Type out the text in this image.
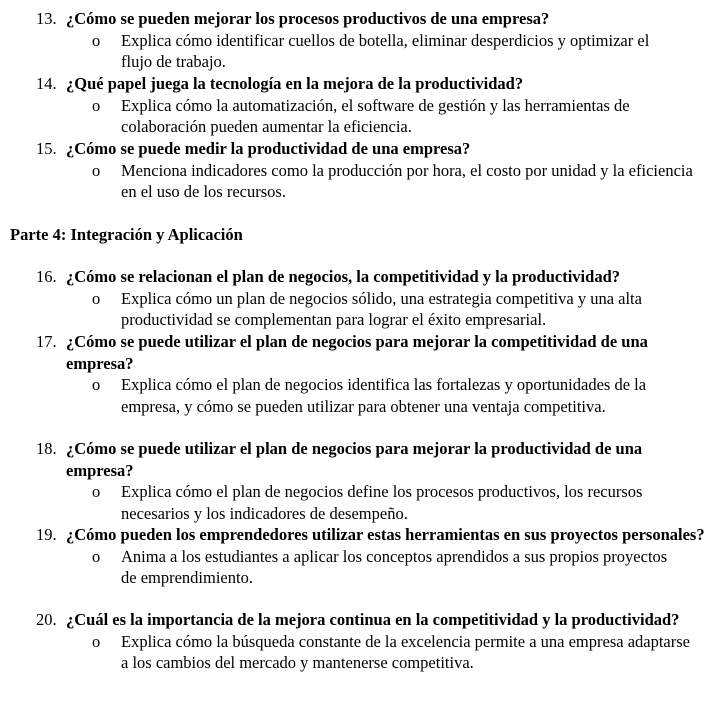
13. ¿Cómo se pueden mejorar los procesos productivos de una empresa?
o Explica cómo identificar cuellos de botella, eliminar desperdicios y optimizar el flujo de trabajo.
14. ¿Qué papel juega la tecnología en la mejora de la productividad?
o Explica cómo la automatización, el software de gestión y las herramientas de colaboración pueden aumentar la eficiencia.
15. ¿Cómo se puede medir la productividad de una empresa?
o Menciona indicadores como la producción por hora, el costo por unidad y la eficiencia en el uso de los recursos.
Parte 4: Integración y Aplicación
16. ¿Cómo se relacionan el plan de negocios, la competitividad y la productividad?
o Explica cómo un plan de negocios sólido, una estrategia competitiva y una alta productividad se complementan para lograr el éxito empresarial.
17. ¿Cómo se puede utilizar el plan de negocios para mejorar la competitividad de una empresa?
o Explica cómo el plan de negocios identifica las fortalezas y oportunidades de la empresa, y cómo se pueden utilizar para obtener una ventaja competitiva.
18. ¿Cómo se puede utilizar el plan de negocios para mejorar la productividad de una empresa?
o Explica cómo el plan de negocios define los procesos productivos, los recursos necesarios y los indicadores de desempeño.
19. ¿Cómo pueden los emprendedores utilizar estas herramientas en sus proyectos personales?
o Anima a los estudiantes a aplicar los conceptos aprendidos a sus propios proyectos de emprendimiento.
20. ¿Cuál es la importancia de la mejora continua en la competitividad y la productividad?
o Explica cómo la búsqueda constante de la excelencia permite a una empresa adaptarse a los cambios del mercado y mantenerse competitiva.
